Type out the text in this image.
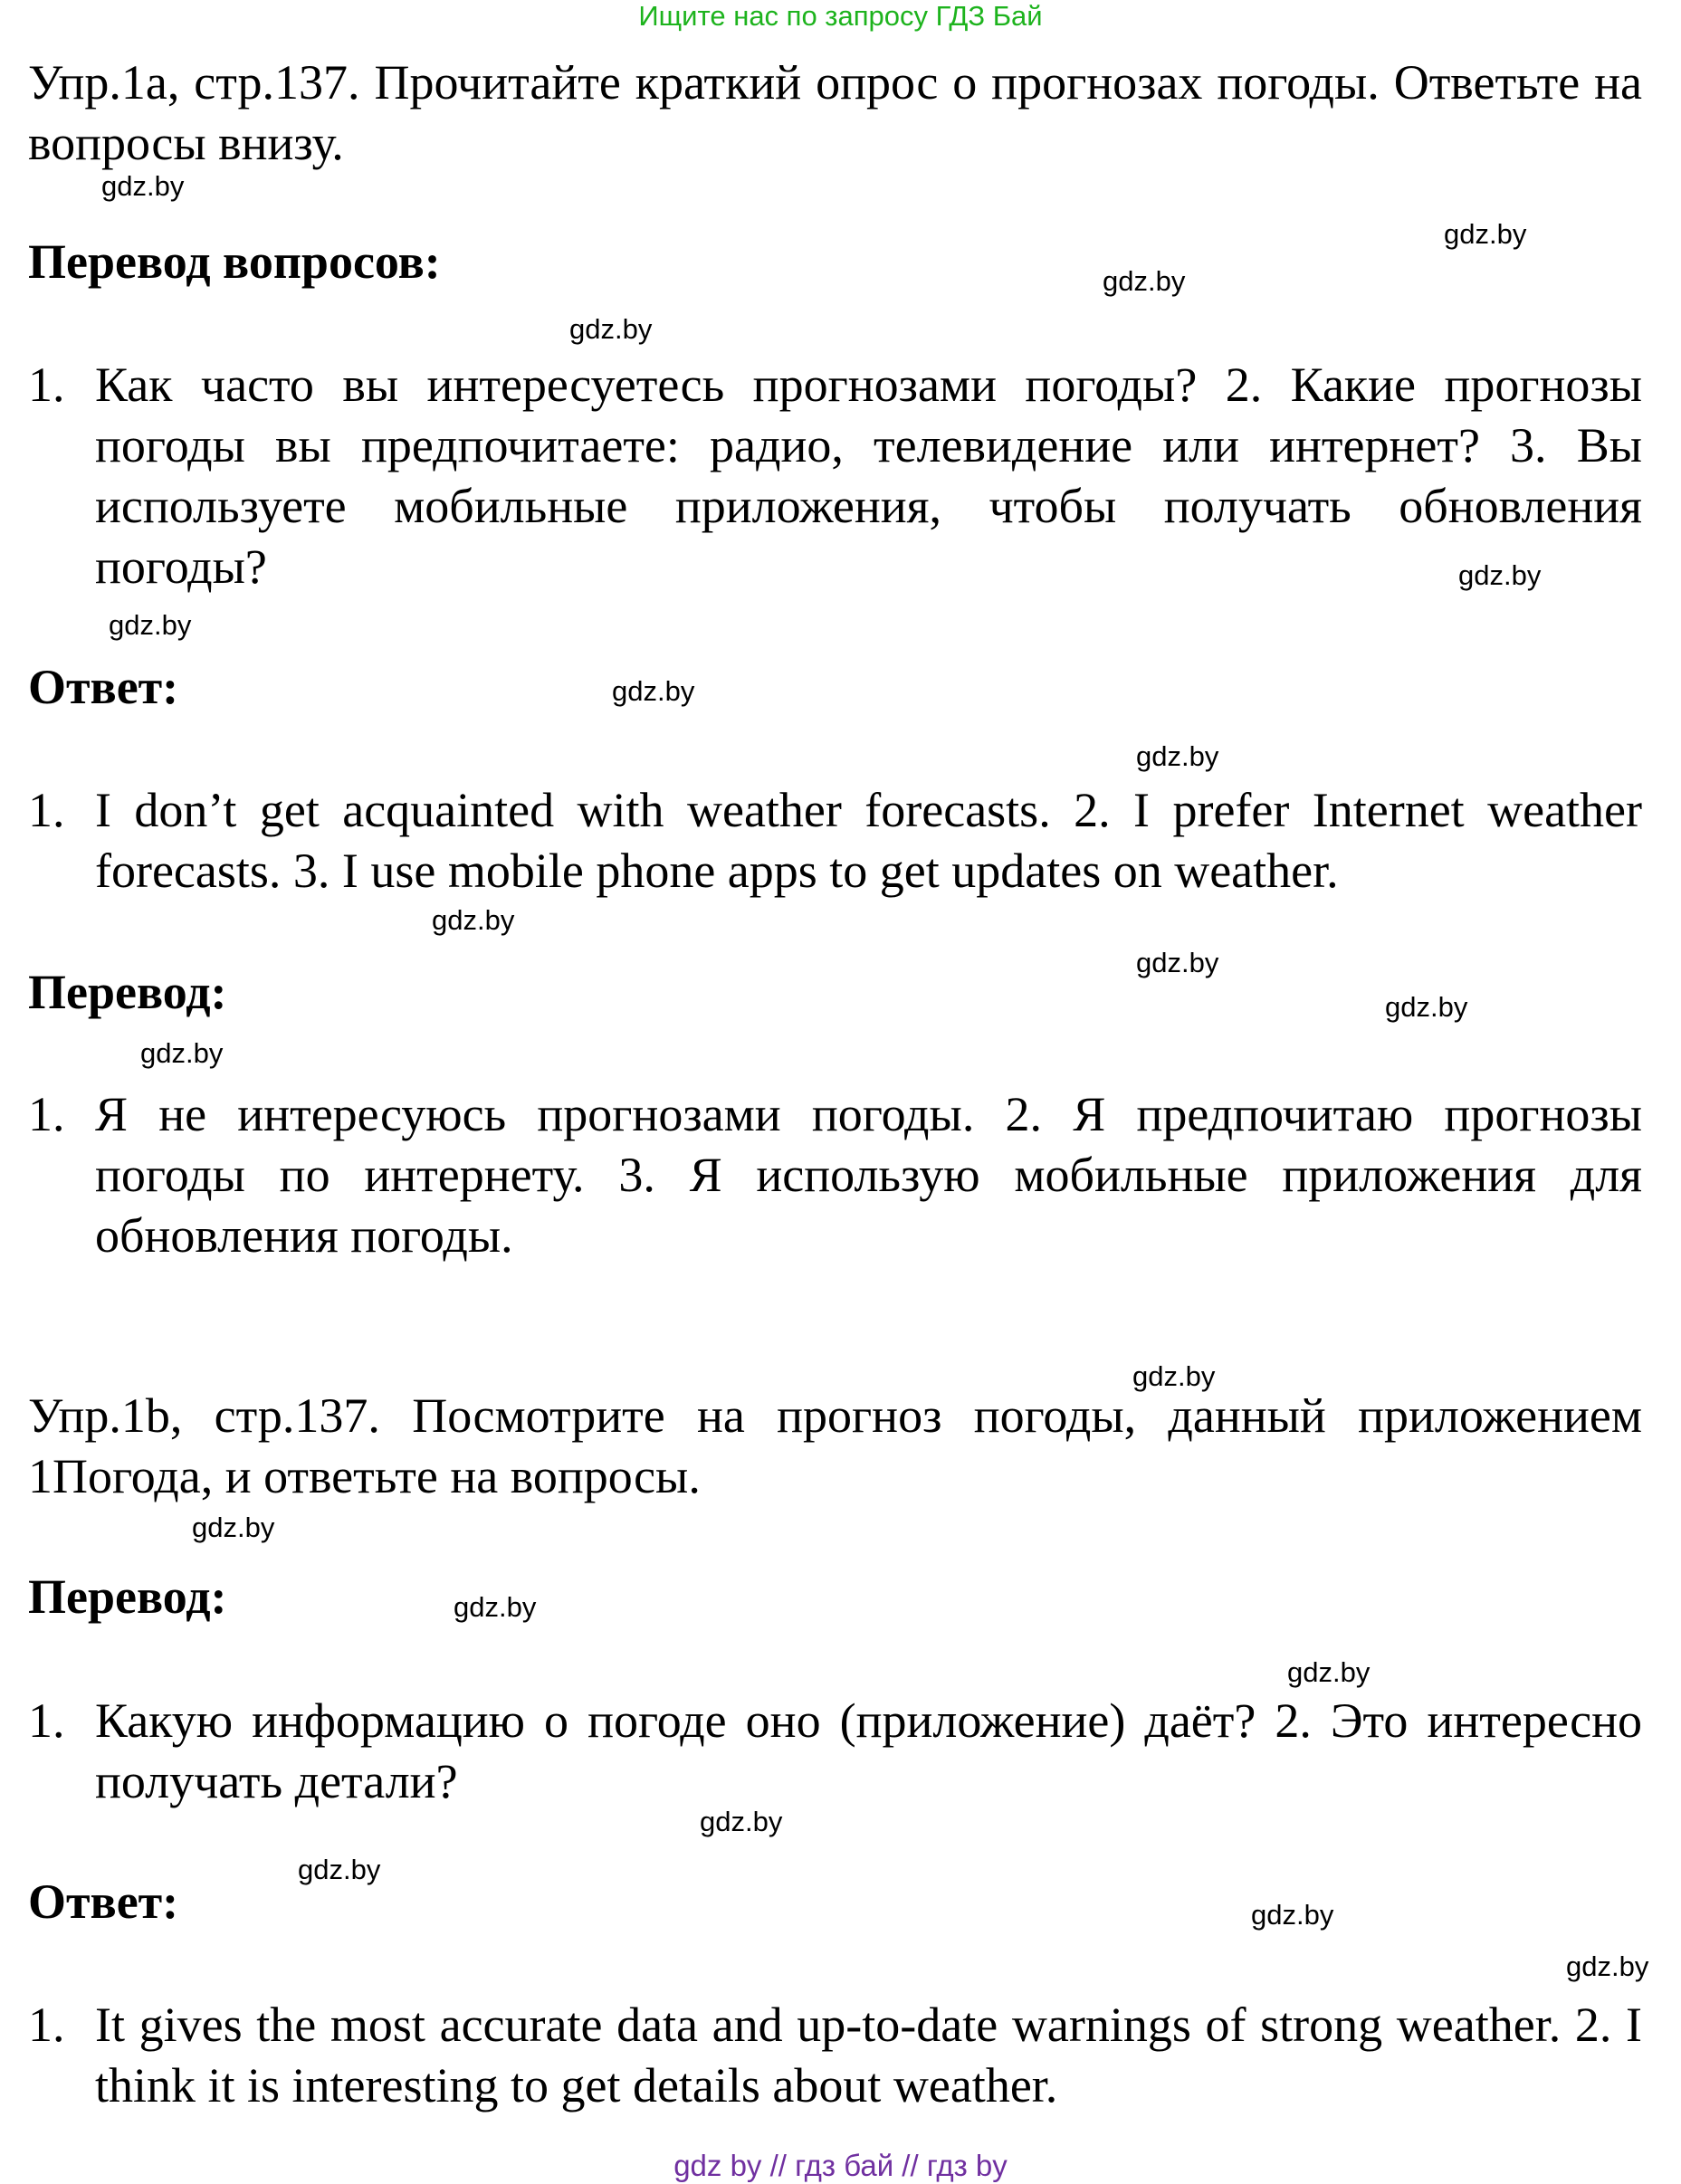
Ищите нас по запросу ГДЗ Бай
Упр.1a, стр.137. Прочитайте краткий опрос о прогнозах погоды. Ответьте на вопросы внизу.
Перевод вопросов:
1. Как часто вы интересуетесь прогнозами погоды? 2. Какие прогнозы погоды вы предпочитаете: радио, телевидение или интернет? 3. Вы используете мобильные приложения, чтобы получать обновления погоды?
Ответ:
1. I don’t get acquainted with weather forecasts. 2. I prefer Internet weather forecasts. 3. I use mobile phone apps to get updates on weather.
Перевод:
1. Я не интересуюсь прогнозами погоды. 2. Я предпочитаю прогнозы погоды по интернету. 3. Я использую мобильные приложения для обновления погоды.
Упр.1b, стр.137. Посмотрите на прогноз погоды, данный приложением 1Погода, и ответьте на вопросы.
Перевод:
1. Какую информацию о погоде оно (приложение) даёт? 2. Это интересно получать детали?
Ответ:
1. It gives the most accurate data and up-to-date warnings of strong weather. 2. I think it is interesting to get details about weather.
gdz.by
gdz.by
gdz.by
gdz.by
gdz.by
gdz.by
gdz.by
gdz.by
gdz.by
gdz.by
gdz.by
gdz.by
gdz.by
gdz.by
gdz.by
gdz.by
gdz.by
gdz.by
gdz.by
gdz.by
gdz by // гдз бай // гдз by
